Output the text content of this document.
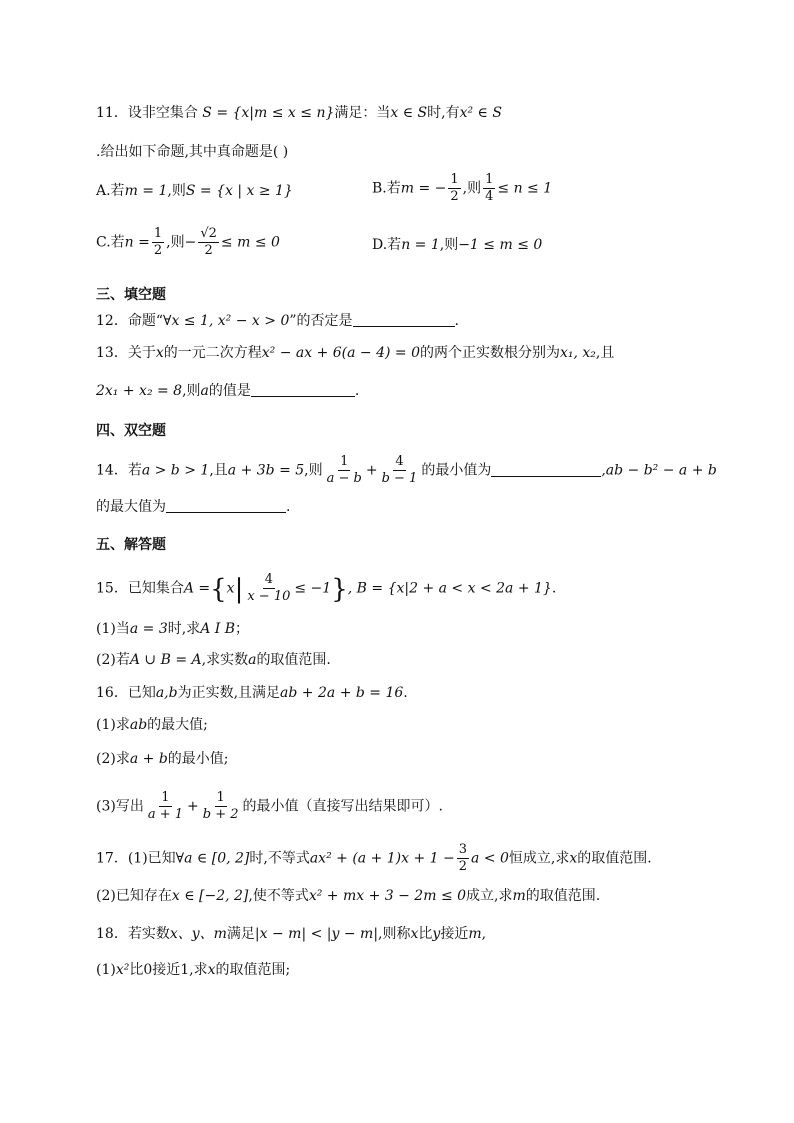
11．设非空集合 S = {x|m ≤ x ≤ n}满足：当x ∈ S时,有x² ∈ S
.给出如下命题,其中真命题是( )
A.若m = 1,则S = {x | x ≥ 1}	B.若m = − $\frac{1}{2}$ ,则 $\frac{1}{4} \le n \le 1$
C.若$n = \frac{1}{2}$ ,则− $\frac{√2}{2} \le m \le 0$	D.若n = 1,则−1 ≤ m ≤ 0
三、填空题
12．命题“∀x ≤ 1, x² − x > 0”的否定是	.
13．关于x的一元二次方程x² − ax + 6(a − 4) = 0的两个正实数根分别为x₁, x₂,且
2x₁ + x₂ = 8,则a的值是	.
四、双空题
14．若a > b > 1,且a + 3b = 5,则 $\frac{1}{a - b} + \frac{4}{b - 1}$ 的最小值为	,ab − b² − a + b
的最大值为	.
五、解答题
15．已知集合$A =\{x| \frac{4}{x - 10} \le -1\}$, B = {x|2 + a < x < 2a + 1}.
(1)当a = 3时,求A I B；
(2)若A ∪ B = A,求实数a的取值范围.
16．已知a,b为正实数,且满足ab + 2a + b = 16.
(1)求ab的最大值;
(2)求a + b的最小值;
(3)写出 $\frac{1}{a + 1} + \frac{1}{b + 2}$ 的最小值（直接写出结果即可）.
17．(1)已知∀a ∈ [0, 2]时,不等式$ax^2 + (a + 1)x + 1 - \frac{3}{2}$ a < 0恒成立,求x的取值范围.
(2)已知存在x ∈ [−2, 2],使不等式x² + mx + 3 − 2m ≤ 0成立,求m的取值范围.
18．若实数x、y、m满足|x − m| < |y − m|,则称x比y接近m,
(1)x²比0接近1,求x的取值范围;
